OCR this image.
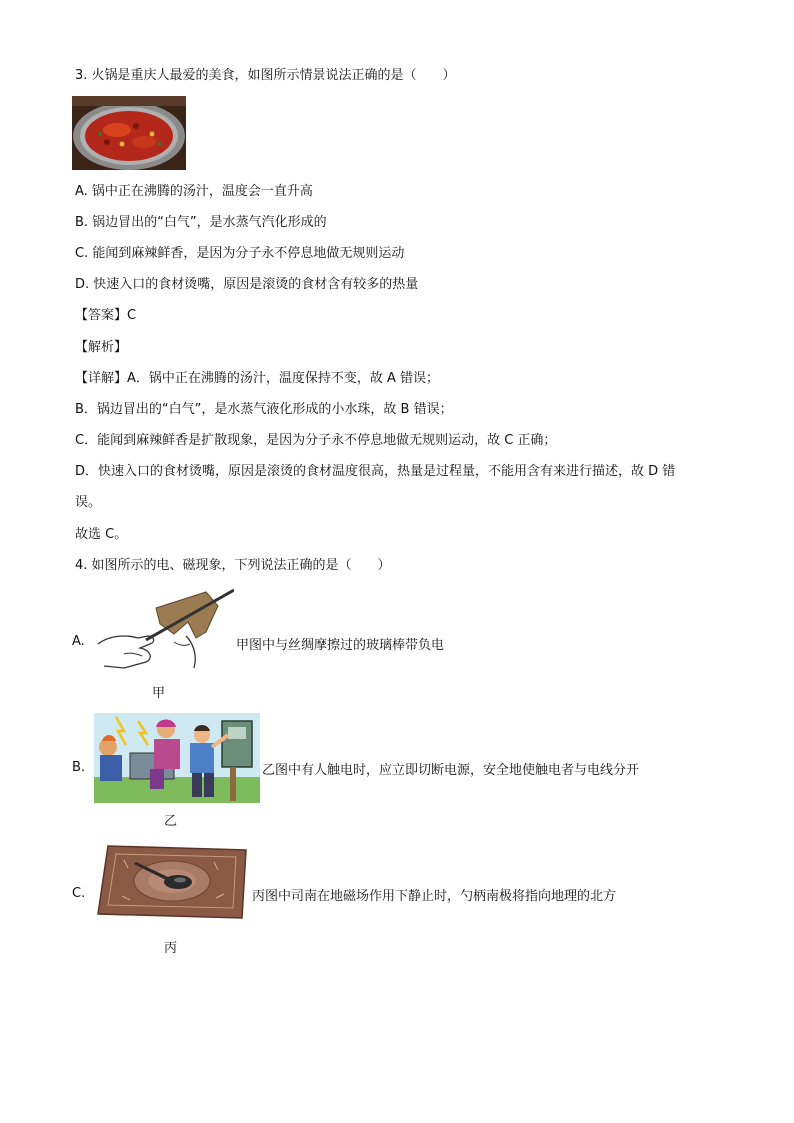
3. 火锅是重庆人最爱的美食，如图所示情景说法正确的是（　　）
A. 锅中正在沸腾的汤汁，温度会一直升高
B. 锅边冒出的“白气”，是水蒸气汽化形成的
C. 能闻到麻辣鲜香，是因为分子永不停息地做无规则运动
D. 快速入口的食材烫嘴，原因是滚烫的食材含有较多的热量
【答案】C
【解析】
【详解】A．锅中正在沸腾的汤汁，温度保持不变，故 A 错误；
B．锅边冒出的“白气”，是水蒸气液化形成的小水珠，故 B 错误；
C．能闻到麻辣鲜香是扩散现象，是因为分子永不停息地做无规则运动，故 C 正确；
D．快速入口的食材烫嘴，原因是滚烫的食材温度很高，热量是过程量，不能用含有来进行描述，故 D 错
误。
故选 C。
4. 如图所示的电、磁现象，下列说法正确的是（　　）
A.	甲图中与丝绸摩擦过的玻璃棒带负电
甲
B.	乙图中有人触电时，应立即切断电源，安全地使触电者与电线分开
乙
C.	丙图中司南在地磁场作用下静止时，勺柄南极将指向地理的北方
丙
